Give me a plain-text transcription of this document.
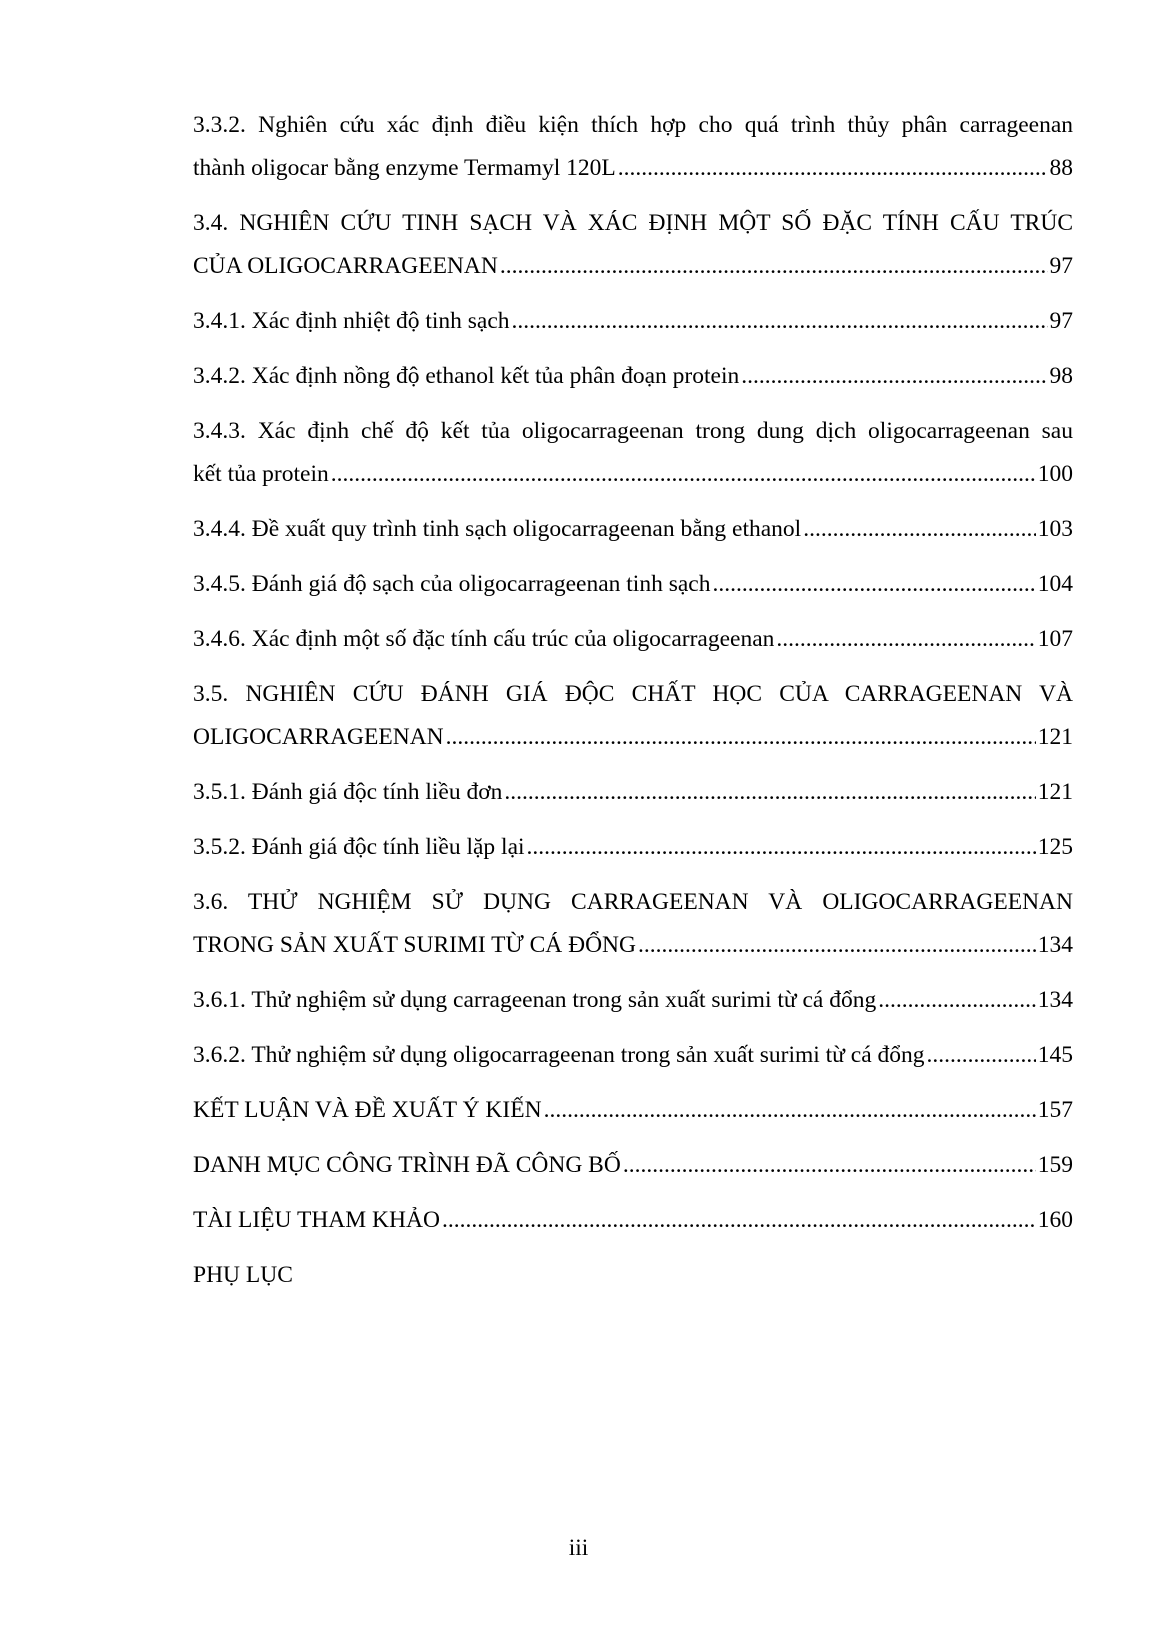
3.3.2. Nghiên cứu xác định điều kiện thích hợp cho quá trình thủy phân carrageenan
thành oligocar bằng enzyme Termamyl 120L .....	88
3.4. NGHIÊN CỨU TINH SẠCH VÀ XÁC ĐỊNH MỘT SỐ ĐẶC TÍNH CẤU TRÚC
CỦA OLIGOCARRAGEENAN .....	97
3.4.1. Xác định nhiệt độ tinh sạch .....	97
3.4.2. Xác định nồng độ ethanol kết tủa phân đoạn protein .....	98
3.4.3. Xác định chế độ kết tủa oligocarrageenan trong dung dịch oligocarrageenan sau
kết tủa protein .....	100
3.4.4. Đề xuất quy trình tinh sạch oligocarrageenan bằng ethanol .....	103
3.4.5. Đánh giá độ sạch của oligocarrageenan tinh sạch .....	104
3.4.6. Xác định một số đặc tính cấu trúc của oligocarrageenan .....	107
3.5. NGHIÊN CỨU ĐÁNH GIÁ ĐỘC CHẤT HỌC CỦA CARRAGEENAN VÀ
OLIGOCARRAGEENAN .....	121
3.5.1. Đánh giá độc tính liều đơn .....	121
3.5.2. Đánh giá độc tính liều lặp lại .....	125
3.6. THỬ NGHIỆM SỬ DỤNG CARRAGEENAN VÀ OLIGOCARRAGEENAN
TRONG SẢN XUẤT SURIMI TỪ CÁ ĐỔNG .....	134
3.6.1. Thử nghiệm sử dụng carrageenan trong sản xuất surimi từ cá đổng .....	134
3.6.2. Thử nghiệm sử dụng oligocarrageenan trong sản xuất surimi từ cá đổng .....	145
KẾT LUẬN VÀ ĐỀ XUẤT Ý KIẾN .....	157
DANH MỤC CÔNG TRÌNH ĐÃ CÔNG BỐ .....	159
TÀI LIỆU THAM KHẢO .....	160
PHỤ LỤC
iii
